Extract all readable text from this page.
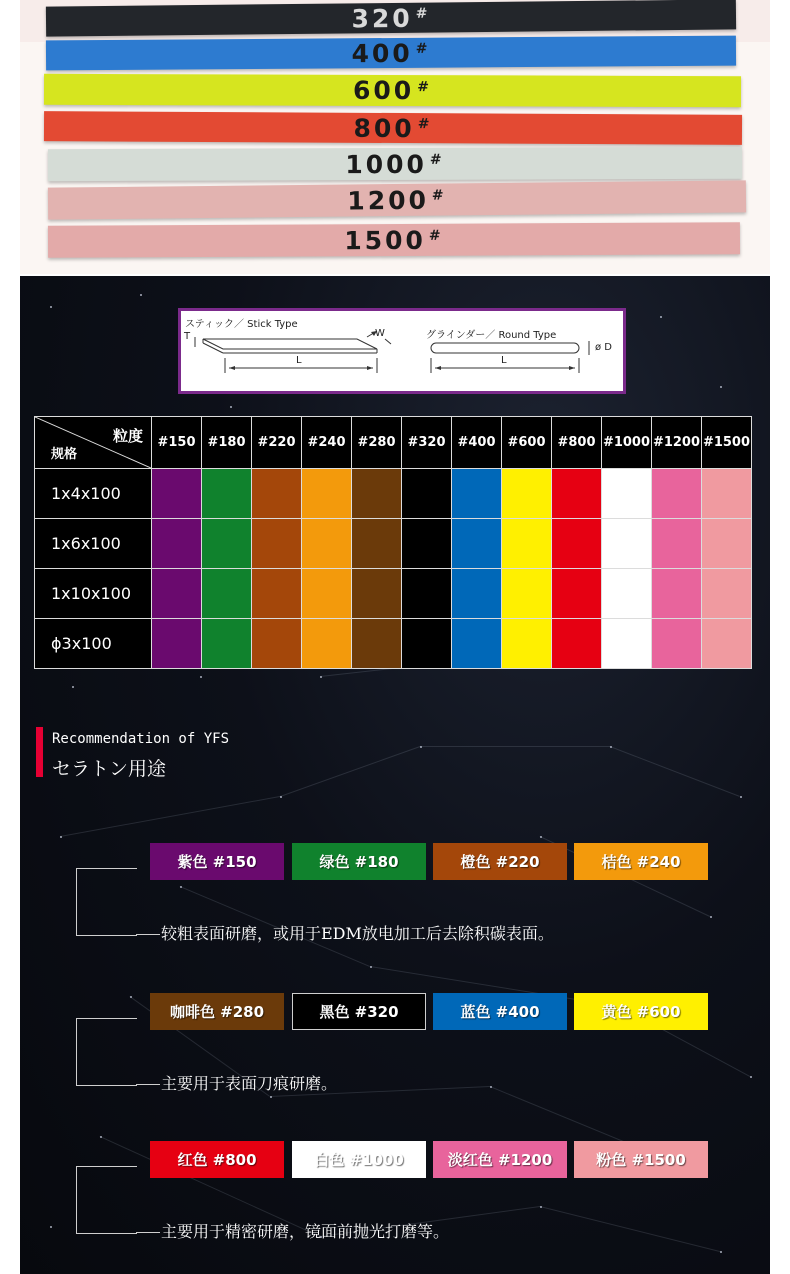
320#
400#
600#
800#
1000#
1200#
1500#
スティック／ Stick Type
グラインダー／ Round Type
T	W
L	L
ø D
粒度
规格	#150	#180	#220	#240	#280	#320	#400	#600	#800	#1000	#1200	#1500
1x4x100												
1x6x100												
1x10x100												
ϕ3x100												
Recommendation of YFS
セラトン用途
紫色 #150	绿色 #180	橙色 #220	桔色 #240
较粗表面研磨，或用于EDM放电加工后去除积碳表面。
咖啡色 #280	黑色 #320	蓝色 #400	黄色 #600
主要用于表面刀痕研磨。
红色 #800	白色 #1000	淡红色 #1200	粉色 #1500
主要用于精密研磨，镜面前抛光打磨等。
